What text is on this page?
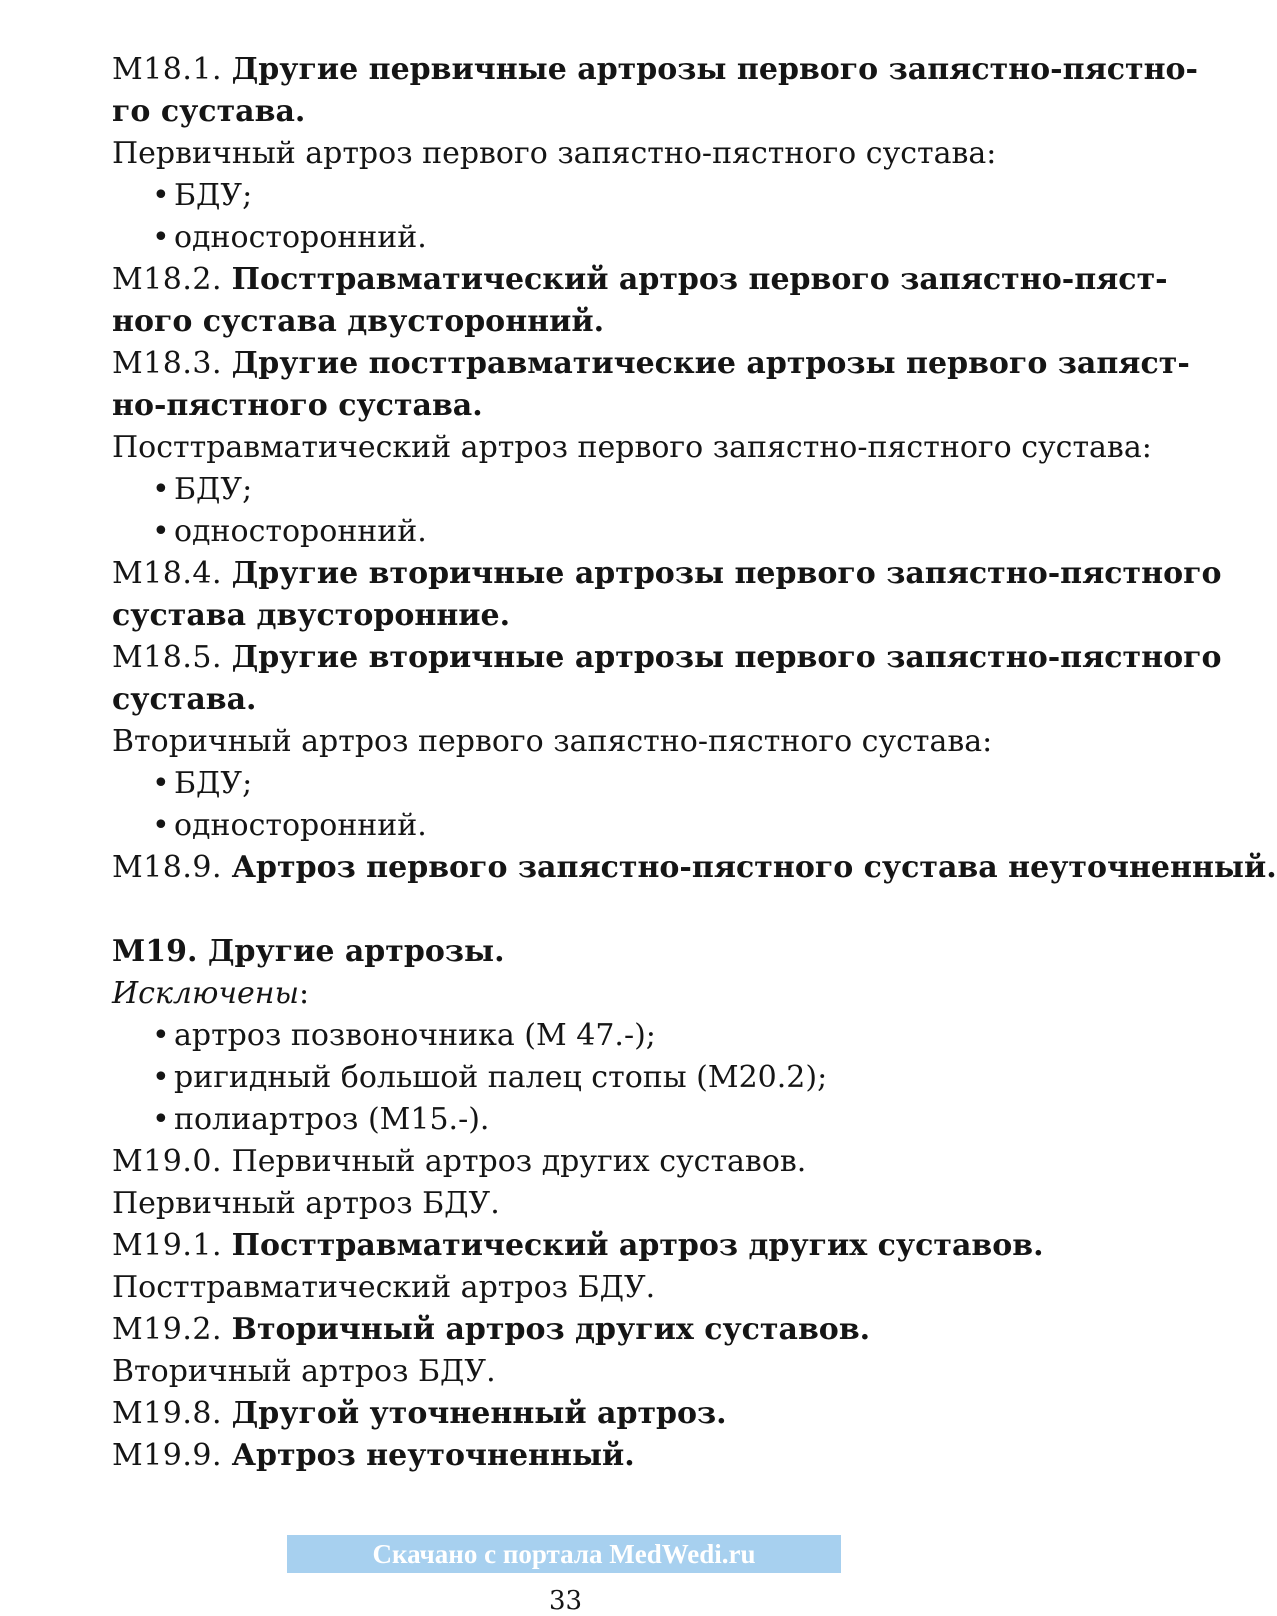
М18.1. Другие первичные артрозы первого запястно-пястно-
го сустава.
Первичный артроз первого запястно-пястного сустава:
• БДУ;
• односторонний.
М18.2. Посттравматический артроз первого запястно-пяст-
ного сустава двусторонний.
М18.3. Другие посттравматические артрозы первого запяст-
но-пястного сустава.
Посттравматический артроз первого запястно-пястного сустава:
• БДУ;
• односторонний.
М18.4. Другие вторичные артрозы первого запястно-пястного
сустава двусторонние.
М18.5. Другие вторичные артрозы первого запястно-пястного
сустава.
Вторичный артроз первого запястно-пястного сустава:
• БДУ;
• односторонний.
М18.9. Артроз первого запястно-пястного сустава неуточненный.
М19. Другие артрозы.
Исключены:
• артроз позвоночника (М 47.-);
• ригидный большой палец стопы (М20.2);
• полиартроз (М15.-).
М19.0. Первичный артроз других суставов.
Первичный артроз БДУ.
М19.1. Посттравматический артроз других суставов.
Посттравматический артроз БДУ.
М19.2. Вторичный артроз других суставов.
Вторичный артроз БДУ.
М19.8. Другой уточненный артроз.
М19.9. Артроз неуточненный.
Скачано с портала MedWedi.ru
33
